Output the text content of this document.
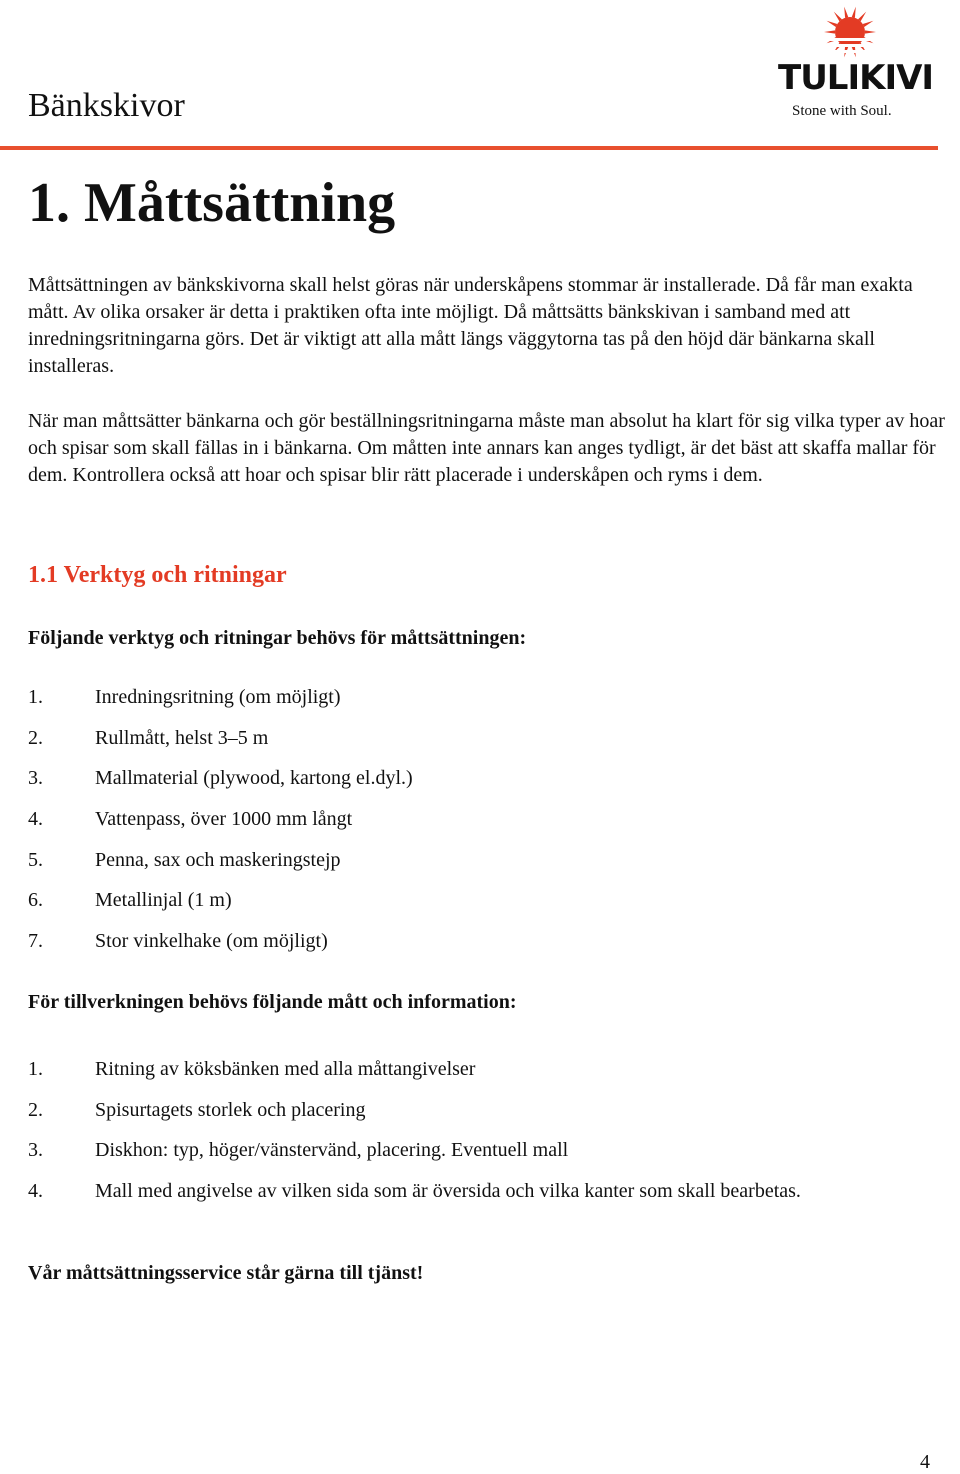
Bänkskivor
TULIKIVI
Stone with Soul.
1. Måttsättning

Måttsättningen av bänkskivorna skall helst göras när underskåpens stommar är installerade. Då får man exakta mått. Av olika orsaker är detta i praktiken ofta inte möjligt. Då måttsätts bänkskivan i samband med att inredningsritningarna görs. Det är viktigt att alla mått längs väggytorna tas på den höjd där bänkarna skall installeras.

När man måttsätter bänkarna och gör beställningsritningarna måste man absolut ha klart för sig vilka typer av hoar och spisar som skall fällas in i bänkarna. Om måtten inte annars kan anges tydligt, är det bäst att skaffa mallar för dem. Kontrollera också att hoar och spisar blir rätt placerade i underskåpen och ryms i dem.

1.1 Verktyg och ritningar
Följande verktyg och ritningar behövs för måttsättningen:
1.	Inredningsritning (om möjligt)
2.	Rullmått, helst 3–5 m
3.	Mallmaterial (plywood, kartong el.dyl.)
4.	Vattenpass, över 1000 mm långt
5.	Penna, sax och maskeringstejp
6.	Metallinjal (1 m)
7.	Stor vinkelhake (om möjligt)
För tillverkningen behövs följande mått och information:
1.	Ritning av köksbänken med alla måttangivelser
2.	Spisurtagets storlek och placering
3.	Diskhon: typ, höger/vänstervänd, placering. Eventuell mall
4.	Mall med angivelse av vilken sida som är översida och vilka kanter som skall bearbetas.
Vår måttsättningsservice står gärna till tjänst!
4
